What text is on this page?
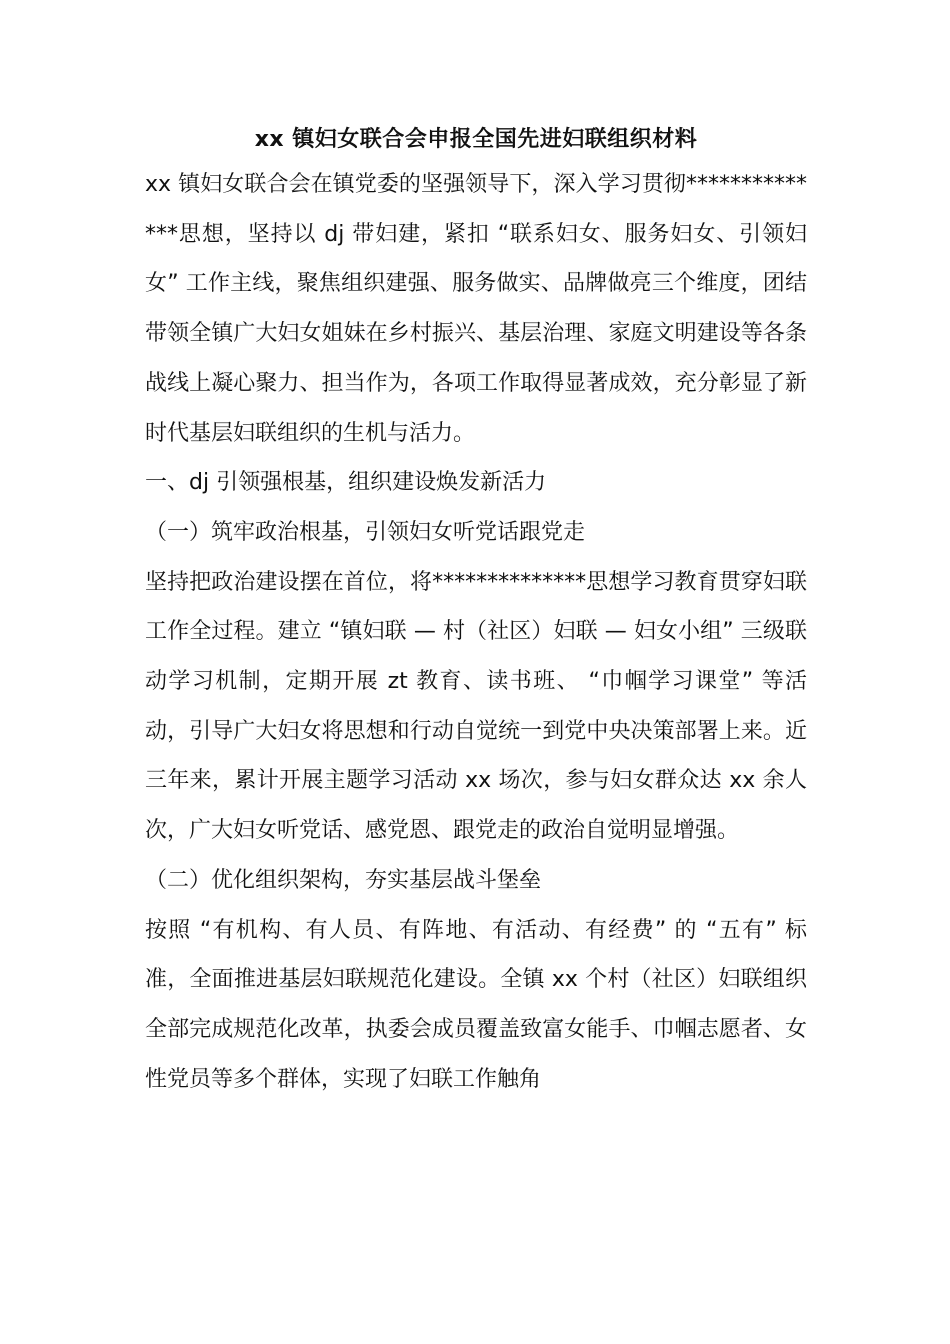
xx 镇妇女联合会申报全国先进妇联组织材料

xx 镇妇女联合会在镇党委的坚强领导下，深入学习贯彻**************思想，坚持以 dj 带妇建，紧扣 “联系妇女、服务妇女、引领妇女” 工作主线，聚焦组织建强、服务做实、品牌做亮三个维度，团结带领全镇广大妇女姐妹在乡村振兴、基层治理、家庭文明建设等各条战线上凝心聚力、担当作为，各项工作取得显著成效，充分彰显了新时代基层妇联组织的生机与活力。

一、dj 引领强根基，组织建设焕发新活力

（一）筑牢政治根基，引领妇女听党话跟党走

坚持把政治建设摆在首位，将**************思想学习教育贯穿妇联工作全过程。建立 “镇妇联 — 村（社区）妇联 — 妇女小组” 三级联动学习机制，定期开展 zt 教育、读书班、 “巾帼学习课堂” 等活动，引导广大妇女将思想和行动自觉统一到党中央决策部署上来。近三年来，累计开展主题学习活动 xx 场次，参与妇女群众达 xx 余人次，广大妇女听党话、感党恩、跟党走的政治自觉明显增强。

（二）优化组织架构，夯实基层战斗堡垒

按照 “有机构、有人员、有阵地、有活动、有经费” 的 “五有” 标准，全面推进基层妇联规范化建设。全镇 xx 个村（社区）妇联组织全部完成规范化改革，执委会成员覆盖致富女能手、巾帼志愿者、女性党员等多个群体，实现了妇联工作触角
